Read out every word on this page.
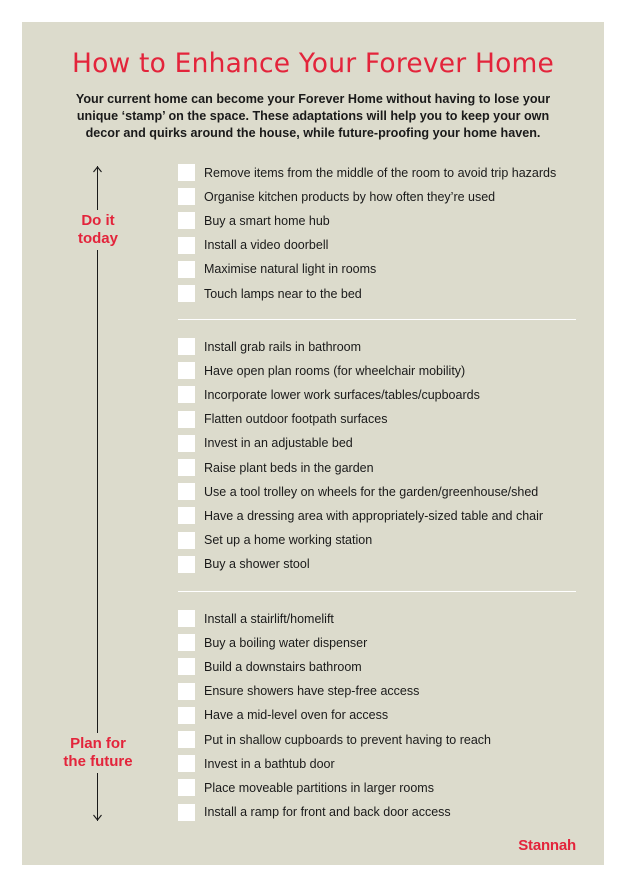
How to Enhance Your Forever Home
Your current home can become your Forever Home without having to lose your
unique ‘stamp’ on the space. These adaptations will help you to keep your own
decor and quirks around the house, while future-proofing your home haven.
Do it
today
Plan for
the future
Remove items from the middle of the room to avoid trip hazards
Organise kitchen products by how often they’re used
Buy a smart home hub
Install a video doorbell
Maximise natural light in rooms
Touch lamps near to the bed
Install grab rails in bathroom
Have open plan rooms (for wheelchair mobility)
Incorporate lower work surfaces/tables/cupboards
Flatten outdoor footpath surfaces
Invest in an adjustable bed
Raise plant beds in the garden
Use a tool trolley on wheels for the garden/greenhouse/shed
Have a dressing area with appropriately-sized table and chair
Set up a home working station
Buy a shower stool
Install a stairlift/homelift
Buy a boiling water dispenser
Build a downstairs bathroom
Ensure showers have step-free access
Have a mid-level oven for access
Put in shallow cupboards to prevent having to reach
Invest in a bathtub door
Place moveable partitions in larger rooms
Install a ramp for front and back door access
Stannah
